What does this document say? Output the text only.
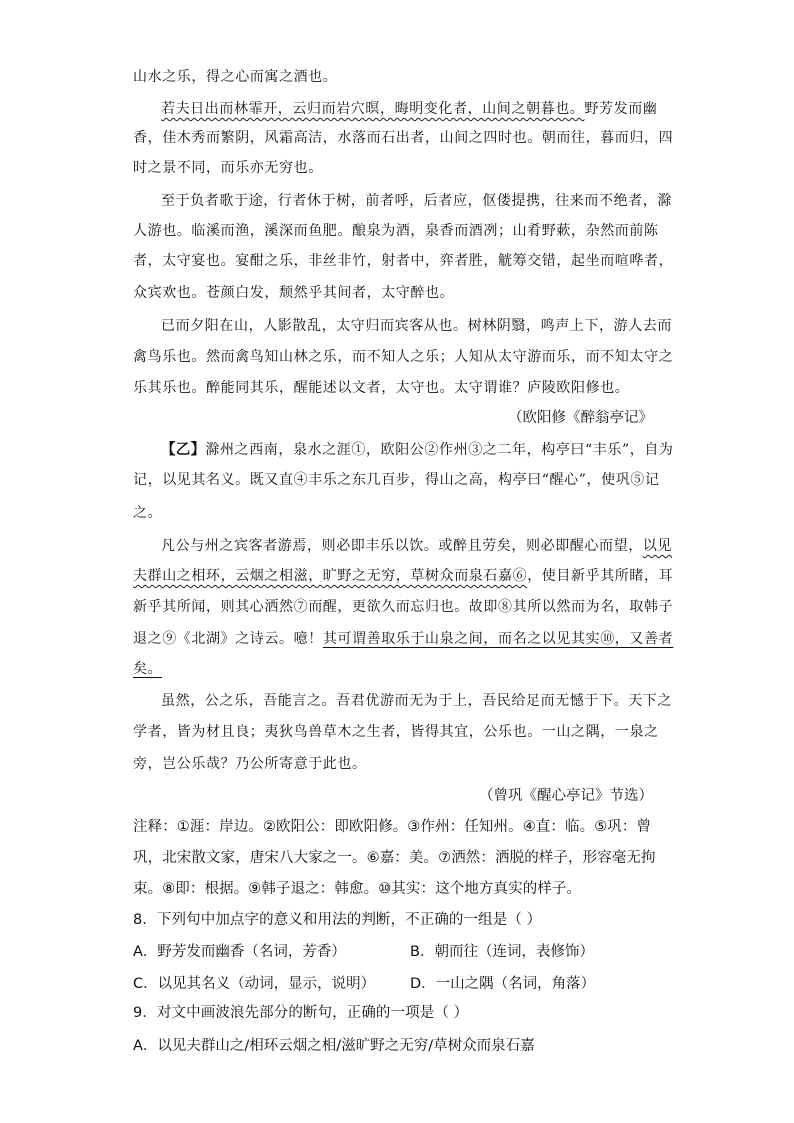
山水之乐，得之心而寓之酒也。
若夫日出而林霏开，云归而岩穴暝，晦明变化者，山间之朝暮也。野芳发而幽
香，佳木秀而繁阴，风霜高洁，水落而石出者，山间之四时也。朝而往，暮而归，四
时之景不同，而乐亦无穷也。
至于负者歌于途，行者休于树，前者呼，后者应，伛偻提携，往来而不绝者，滁
人游也。临溪而渔，溪深而鱼肥。酿泉为酒，泉香而酒冽；山肴野蔌，杂然而前陈
者，太守宴也。宴酣之乐，非丝非竹，射者中，弈者胜，觥筹交错，起坐而喧哗者，
众宾欢也。苍颜白发，颓然乎其间者，太守醉也。
已而夕阳在山，人影散乱，太守归而宾客从也。树林阴翳，鸣声上下，游人去而
禽鸟乐也。然而禽鸟知山林之乐，而不知人之乐；人知从太守游而乐，而不知太守之
乐其乐也。醉能同其乐，醒能述以文者，太守也。太守谓谁？庐陵欧阳修也。
（欧阳修《醉翁亭记》
【乙】滁州之西南，泉水之涯①，欧阳公②作州③之二年，构亭曰“丰乐”，自为
记，以见其名义。既又直④丰乐之东几百步，得山之高，构亭曰“醒心”，使巩⑤记
之。
凡公与州之宾客者游焉，则必即丰乐以饮。或醉且劳矣，则必即醒心而望，以见
夫群山之相环，云烟之相滋，旷野之无穷，草树众而泉石嘉⑥，使目新乎其所睹，耳
新乎其所闻，则其心洒然⑦而醒，更欲久而忘归也。故即⑧其所以然而为名，取韩子
退之⑨《北湖》之诗云。噫！其可谓善取乐于山泉之间，而名之以见其实⑩，又善者
矣。
虽然，公之乐，吾能言之。吾君优游而无为于上，吾民给足而无憾于下。天下之
学者，皆为材且良；夷狄鸟兽草木之生者，皆得其宜，公乐也。一山之隅，一泉之
旁，岂公乐哉？乃公所寄意于此也。
（曾巩《醒心亭记》节选）
注释：①涯：岸边。②欧阳公：即欧阳修。③作州：任知州。④直：临。⑤巩：曾
巩，北宋散文家，唐宋八大家之一。⑥嘉：美。⑦洒然：洒脱的样子，形容毫无拘
束。⑧即：根据。⑨韩子退之：韩愈。⑩其实：这个地方真实的样子。
8．下列句中加点字的意义和用法的判断，不正确的一组是（ ）
A．野芳发而幽香（名词，芳香）	B．朝而往（连词，表修饰）
C．以见其名义（动词，显示，说明） D．一山之隅（名词，角落）
9．对文中画波浪先部分的断句，正确的一项是（ ）
A．以见夫群山之/相环云烟之相/滋旷野之无穷/草树众而泉石嘉
